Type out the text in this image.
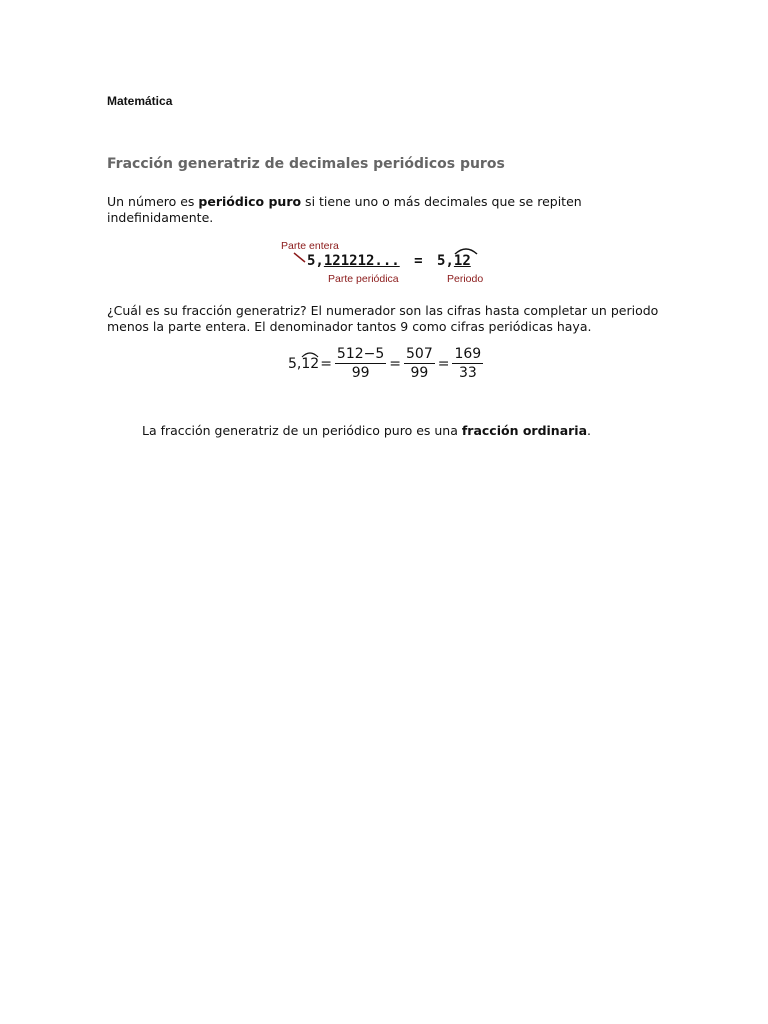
Matemática
Fracción generatriz de decimales periódicos puros
Un número es periódico puro si tiene uno o más decimales que se repiten indefinidamente.
Parte entera
5,121212... = 5,
12
Parte periódica	Periodo
¿Cuál es su fracción generatriz? El numerador son las cifras hasta completar un periodo menos la parte entera. El denominador tantos 9 como cifras periódicas haya.
5, $12 = \frac{512-5}{99} = \frac{507}{99} = \frac{169}{33}$
La fracción generatriz de un periódico puro es una fracción ordinaria.
